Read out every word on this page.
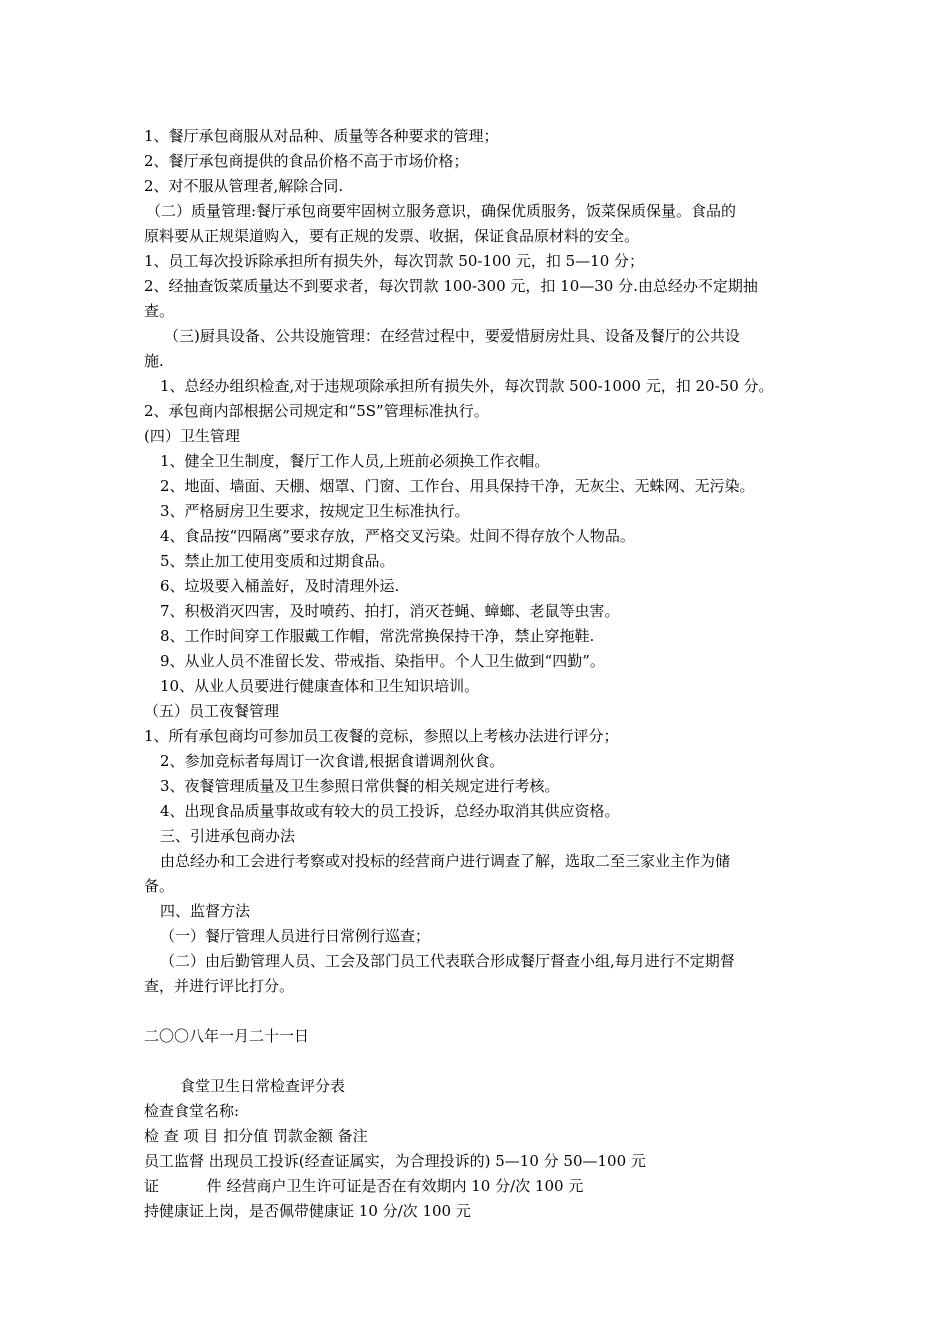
1、餐厅承包商服从对品种、质量等各种要求的管理；
2、餐厅承包商提供的食品价格不高于市场价格；
2、对不服从管理者,解除合同.
（二）质量管理:餐厅承包商要牢固树立服务意识，确保优质服务，饭菜保质保量。食品的
原料要从正规渠道购入，要有正规的发票、收据，保证食品原材料的安全。
1、员工每次投诉除承担所有损失外，每次罚款 50-100 元，扣 5—10 分；
2、经抽查饭菜质量达不到要求者，每次罚款 100-300 元，扣 10—30 分.由总经办不定期抽
查。
（三)厨具设备、公共设施管理：在经营过程中，要爱惜厨房灶具、设备及餐厅的公共设
施.
1、总经办组织检查,对于违规项除承担所有损失外，每次罚款 500-1000 元，扣 20-50 分。
2、承包商内部根据公司规定和“5S”管理标准执行。
(四）卫生管理
1、健全卫生制度，餐厅工作人员,上班前必须换工作衣帽。
2、地面、墙面、天棚、烟罩、门窗、工作台、用具保持干净，无灰尘、无蛛网、无污染。
3、严格厨房卫生要求，按规定卫生标准执行。
4、食品按“四隔离”要求存放，严格交叉污染。灶间不得存放个人物品。
5、禁止加工使用变质和过期食品。
6、垃圾要入桶盖好，及时清理外运.
7、积极消灭四害，及时喷药、拍打，消灭苍蝇、蟑螂、老鼠等虫害。
8、工作时间穿工作服戴工作帽，常洗常换保持干净，禁止穿拖鞋.
9、从业人员不准留长发、带戒指、染指甲。个人卫生做到“四勤”。
10、从业人员要进行健康查体和卫生知识培训。
（五）员工夜餐管理
1、所有承包商均可参加员工夜餐的竞标，参照以上考核办法进行评分；
2、参加竞标者每周订一次食谱,根据食谱调剂伙食。
3、夜餐管理质量及卫生参照日常供餐的相关规定进行考核。
4、出现食品质量事故或有较大的员工投诉，总经办取消其供应资格。
三、引进承包商办法
由总经办和工会进行考察或对投标的经营商户进行调查了解，选取二至三家业主作为储
备。
四、监督方法
（一）餐厅管理人员进行日常例行巡查；
（二）由后勤管理人员、工会及部门员工代表联合形成餐厅督查小组,每月进行不定期督
查，并进行评比打分。
二〇〇八年一月二十一日
食堂卫生日常检查评分表
检查食堂名称:
检 查 项 目 扣分值 罚款金额 备注
员工监督 出现员工投诉(经查证属实，为合理投诉的) 5—10 分 50—100 元
证          件 经营商户卫生许可证是否在有效期内 10 分/次 100 元
持健康证上岗，是否佩带健康证 10 分/次 100 元
